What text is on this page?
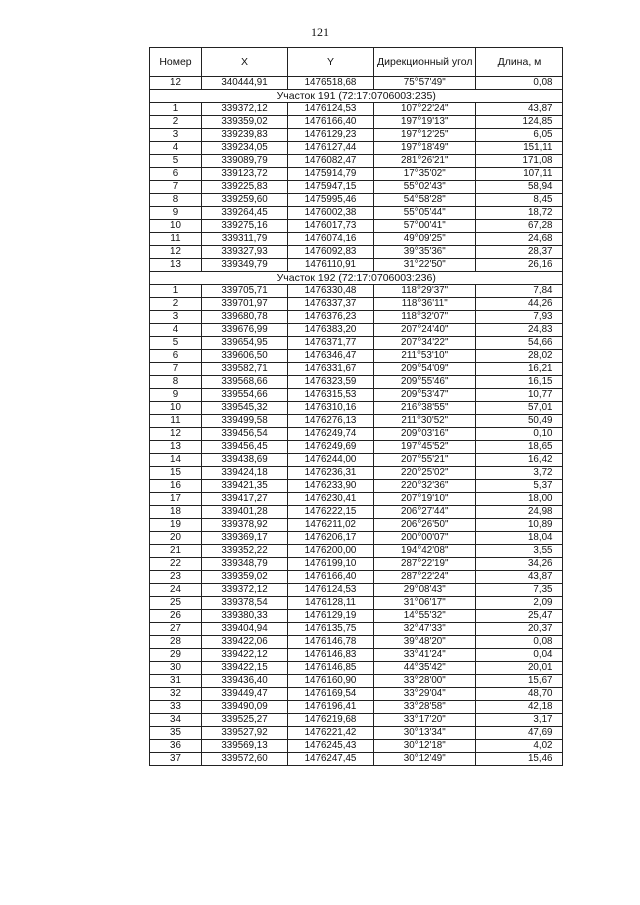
121
Номер	X	Y	Дирекционный угол	Длина, м
12	340444,91	1476518,68	75°57'49"	0,08
Участок 191 (72:17:0706003:235)				
1	339372,12	1476124,53	107°22'24"	43,87
2	339359,02	1476166,40	197°19'13"	124,85
3	339239,83	1476129,23	197°12'25"	6,05
4	339234,05	1476127,44	197°18'49"	151,11
5	339089,79	1476082,47	281°26'21"	171,08
6	339123,72	1475914,79	17°35'02"	107,11
7	339225,83	1475947,15	55°02'43"	58,94
8	339259,60	1475995,46	54°58'28"	8,45
9	339264,45	1476002,38	55°05'44"	18,72
10	339275,16	1476017,73	57°00'41"	67,28
11	339311,79	1476074,16	49°09'25"	24,68
12	339327,93	1476092,83	39°35'36"	28,37
13	339349,79	1476110,91	31°22'50"	26,16
Участок 192 (72:17:0706003:236)				
1	339705,71	1476330,48	118°29'37"	7,84
2	339701,97	1476337,37	118°36'11"	44,26
3	339680,78	1476376,23	118°32'07"	7,93
4	339676,99	1476383,20	207°24'40"	24,83
5	339654,95	1476371,77	207°34'22"	54,66
6	339606,50	1476346,47	211°53'10"	28,02
7	339582,71	1476331,67	209°54'09"	16,21
8	339568,66	1476323,59	209°55'46"	16,15
9	339554,66	1476315,53	209°53'47"	10,77
10	339545,32	1476310,16	216°38'55"	57,01
11	339499,58	1476276,13	211°30'52"	50,49
12	339456,54	1476249,74	209°03'16"	0,10
13	339456,45	1476249,69	197°45'52"	18,65
14	339438,69	1476244,00	207°55'21"	16,42
15	339424,18	1476236,31	220°25'02"	3,72
16	339421,35	1476233,90	220°32'36"	5,37
17	339417,27	1476230,41	207°19'10"	18,00
18	339401,28	1476222,15	206°27'44"	24,98
19	339378,92	1476211,02	206°26'50"	10,89
20	339369,17	1476206,17	200°00'07"	18,04
21	339352,22	1476200,00	194°42'08"	3,55
22	339348,79	1476199,10	287°22'19"	34,26
23	339359,02	1476166,40	287°22'24"	43,87
24	339372,12	1476124,53	29°08'43"	7,35
25	339378,54	1476128,11	31°06'17"	2,09
26	339380,33	1476129,19	14°55'32"	25,47
27	339404,94	1476135,75	32°47'33"	20,37
28	339422,06	1476146,78	39°48'20"	0,08
29	339422,12	1476146,83	33°41'24"	0,04
30	339422,15	1476146,85	44°35'42"	20,01
31	339436,40	1476160,90	33°28'00"	15,67
32	339449,47	1476169,54	33°29'04"	48,70
33	339490,09	1476196,41	33°28'58"	42,18
34	339525,27	1476219,68	33°17'20"	3,17
35	339527,92	1476221,42	30°13'34"	47,69
36	339569,13	1476245,43	30°12'18"	4,02
37	339572,60	1476247,45	30°12'49"	15,46
